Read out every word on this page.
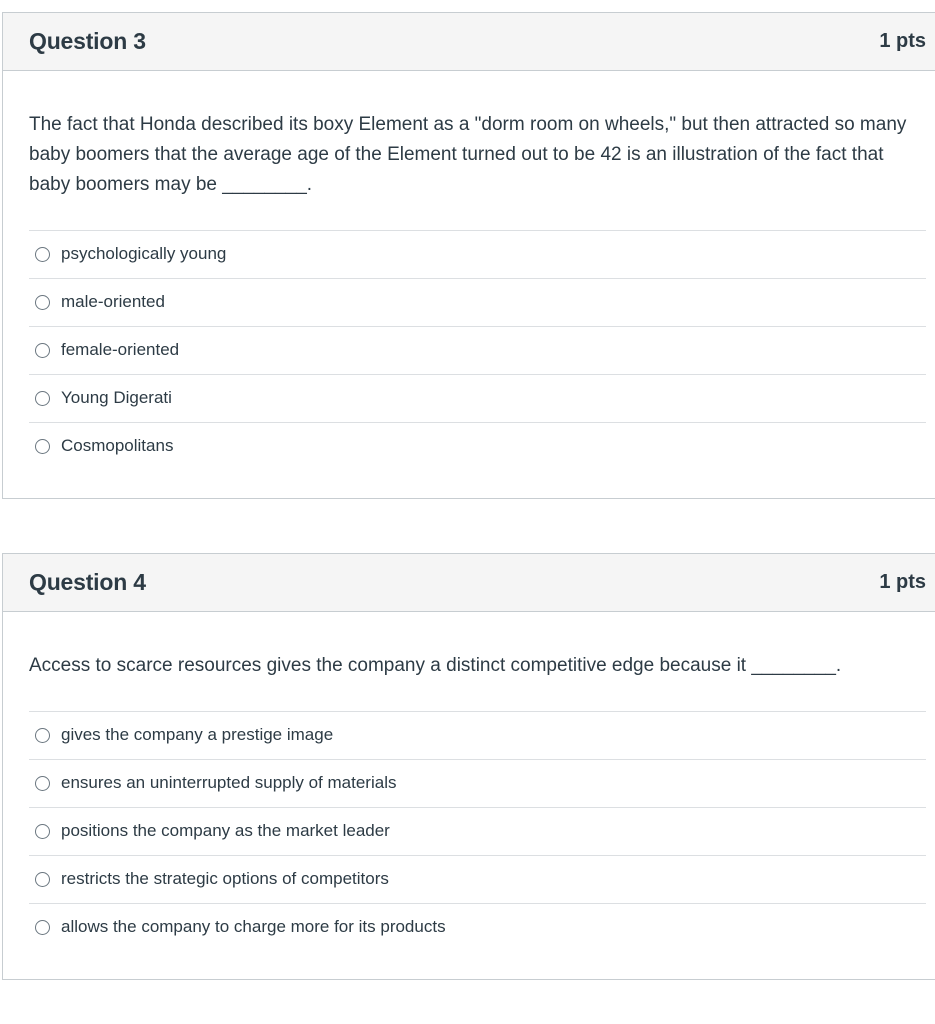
Question 3	1 pts
The fact that Honda described its boxy Element as a "dorm room on wheels," but then attracted so many baby boomers that the average age of the Element turned out to be 42 is an illustration of the fact that baby boomers may be ________.
psychologically young
male-oriented
female-oriented
Young Digerati
Cosmopolitans
Question 4	1 pts
Access to scarce resources gives the company a distinct competitive edge because it ________.
gives the company a prestige image
ensures an uninterrupted supply of materials
positions the company as the market leader
restricts the strategic options of competitors
allows the company to charge more for its products
